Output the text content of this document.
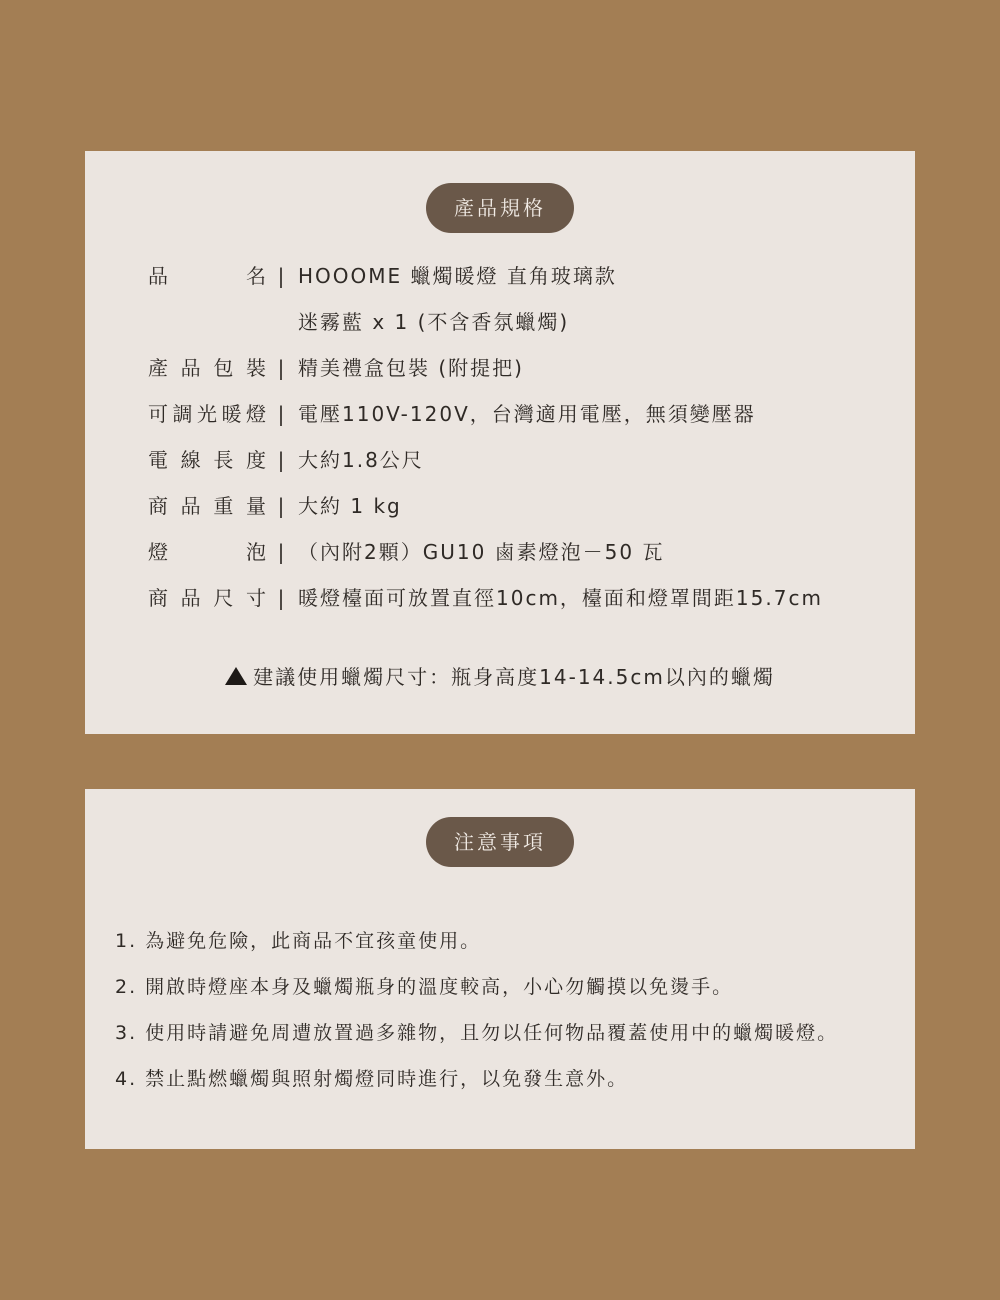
產品規格
品名 | HOOOME 蠟燭暖燈 直角玻璃款
迷霧藍 x 1 (不含香氛蠟燭)
產品包裝 | 精美禮盒包裝 (附提把)
可調光暖燈 | 電壓110V-120V，台灣適用電壓，無須變壓器
電線長度 | 大約1.8公尺
商品重量 | 大約 1 kg
燈泡 | （內附2顆）GU10 鹵素燈泡－50 瓦
商品尺寸 | 暖燈檯面可放置直徑10cm，檯面和燈罩間距15.7cm
建議使用蠟燭尺寸：瓶身高度14-14.5cm以內的蠟燭
注意事項
1. 為避免危險，此商品不宜孩童使用。
2. 開啟時燈座本身及蠟燭瓶身的溫度較高，小心勿觸摸以免燙手。
3. 使用時請避免周遭放置過多雜物，且勿以任何物品覆蓋使用中的蠟燭暖燈。
4. 禁止點燃蠟燭與照射燭燈同時進行，以免發生意外。
